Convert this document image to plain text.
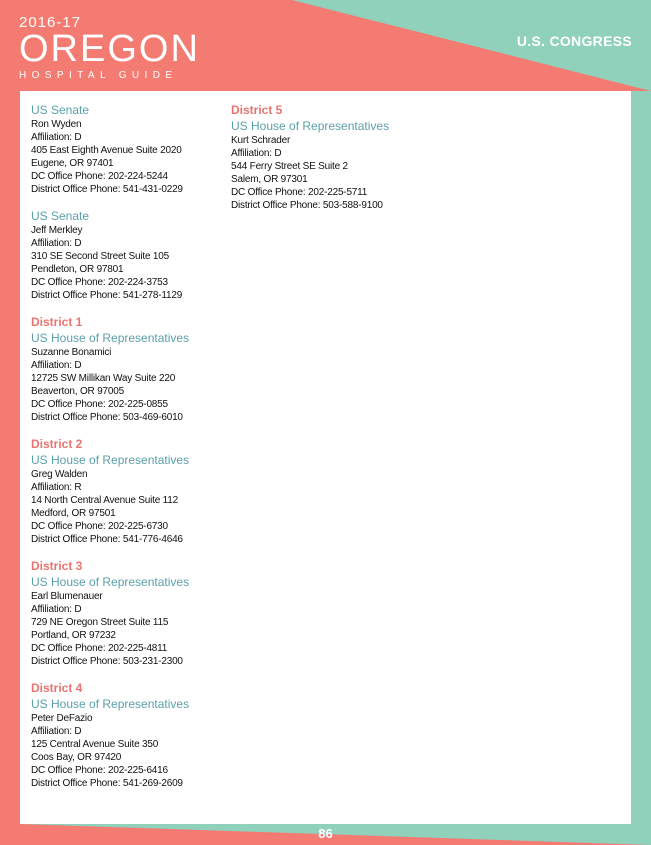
2016-17
OREGON
HOSPITAL GUIDE
U.S. CONGRESS
US Senate
Ron Wyden
Affiliation: D
405 East Eighth Avenue Suite 2020
Eugene, OR 97401
DC Office Phone: 202-224-5244
District Office Phone: 541-431-0229
US Senate
Jeff Merkley
Affiliation: D
310 SE Second Street Suite 105
Pendleton, OR 97801
DC Office Phone: 202-224-3753
District Office Phone: 541-278-1129
District 1
US House of Representatives
Suzanne Bonamici
Affiliation: D
12725 SW Millikan Way Suite 220
Beaverton, OR 97005
DC Office Phone: 202-225-0855
District Office Phone: 503-469-6010
District 2
US House of Representatives
Greg Walden
Affiliation: R
14 North Central Avenue Suite 112
Medford, OR 97501
DC Office Phone: 202-225-6730
District Office Phone: 541-776-4646
District 3
US House of Representatives
Earl Blumenauer
Affiliation: D
729 NE Oregon Street Suite 115
Portland, OR 97232
DC Office Phone: 202-225-4811
District Office Phone: 503-231-2300
District 4
US House of Representatives
Peter DeFazio
Affiliation: D
125 Central Avenue Suite 350
Coos Bay, OR 97420
DC Office Phone: 202-225-6416
District Office Phone: 541-269-2609
District 5
US House of Representatives
Kurt Schrader
Affiliation: D
544 Ferry Street SE Suite 2
Salem, OR 97301
DC Office Phone: 202-225-5711
District Office Phone: 503-588-9100
86
